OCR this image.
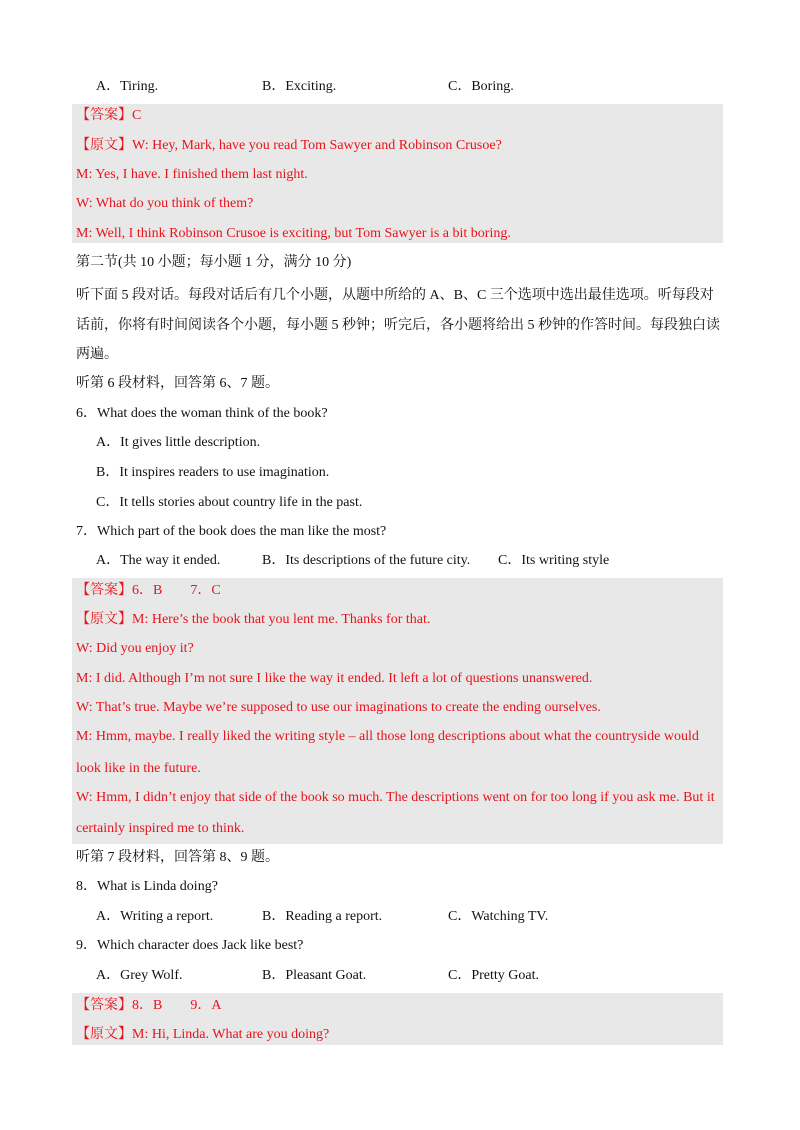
A．Tiring.	B．Exciting.	C．Boring.
【答案】C
【原文】W: Hey, Mark, have you read Tom Sawyer and Robinson Crusoe?
M: Yes, I have. I finished them last night.
W: What do you think of them?
M: Well, I think Robinson Crusoe is exciting, but Tom Sawyer is a bit boring.
第二节(共 10 小题；每小题 1 分，满分 10 分)
听下面 5 段对话。每段对话后有几个小题，从题中所给的 A、B、C 三个选项中选出最佳选项。听每段对
话前，你将有时间阅读各个小题，每小题 5 秒钟；听完后，各小题将给出 5 秒钟的作答时间。每段独白读
两遍。
听第 6 段材料，回答第 6、7 题。
6．What does the woman think of the book?
A．It gives little description.
B．It inspires readers to use imagination.
C．It tells stories about country life in the past.
7．Which part of the book does the man like the most?
A．The way it ended.	B．Its descriptions of the future city. C．Its writing style
【答案】6．B　　7．C
【原文】M: Here’s the book that you lent me. Thanks for that.
W: Did you enjoy it?
M: I did. Although I’m not sure I like the way it ended. It left a lot of questions unanswered.
W: That’s true. Maybe we’re supposed to use our imaginations to create the ending ourselves.
M: Hmm, maybe. I really liked the writing style – all those long descriptions about what the countryside would
look like in the future.
W: Hmm, I didn’t enjoy that side of the book so much. The descriptions went on for too long if you ask me. But it
certainly inspired me to think.
听第 7 段材料，回答第 8、9 题。
8．What is Linda doing?
A．Writing a report.	B．Reading a report.	C．Watching TV.
9．Which character does Jack like best?
A．Grey Wolf.	B．Pleasant Goat.	C．Pretty Goat.
【答案】8．B　　9．A
【原文】M: Hi, Linda. What are you doing?
